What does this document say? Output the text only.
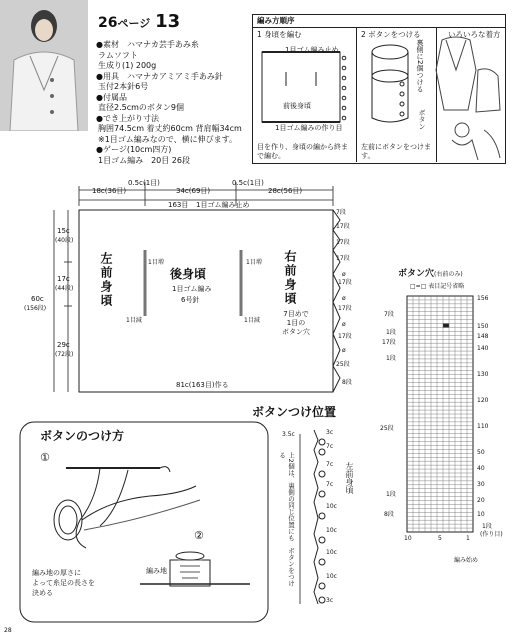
26ページ 13
●素材　ハマナカ芸手あみ糸
ラムソフト
生成り(1) 200g
●用具　ハマナカアミアミ手あみ針
玉付2本針6号
●付属品
直径2.5cmのボタン9個
●でき上がり寸法
胸囲74.5cm 着丈約60cm 背肩幅34cm
※1目ゴム編みなので、横に伸びます。
●ゲージ(10cm四方)
1目ゴム編み　20目 26段
編み方順序
1 身頃を編む	2 ボタンをつける	いろいろな着方
1目ゴム編み止め
前後身頃
1目ゴム編みの作り目
目を作り、身頃の編から終まで編む。
裏側に2個つける
ボタン
左前にボタンをつけます。
0.5c(1目)	0.5c(1目)
18c(36目)	34c(69目)	28c(56目)
163目 1目ゴム編み止め
15c
(40段)
17c
(44段)
29c
(72段)
60c
(156段)
左前身頃	後身頃	右前身頃
1目ゴム編み
6号針
1目増
1目減
1目増
1目減
7目めで
1目の
ボタン穴
81c(163目)作る
7段
17段
17段
17段
17段
17段
17段
25段
8段
ø
ø
ø
ø
ボタンのつけ方
①
②
編み地の厚さに
よって糸足の長さを
決める
編み地
ボタンつけ位置
3.5c	3c
7c
7c
7c
10c
10c
10c
10c
3c
上2個は、裏側の同じ位置にも　ボタンをつける
左前身頃
ボタン穴(右前のみ)
□=□ 表目記号省略
7段
1段
17段
1段
25段
1段
8段
156
150
148
140
130
120
110
50
40
30
20
10
1段
(作り目)
10	5	1
編み始め
28
